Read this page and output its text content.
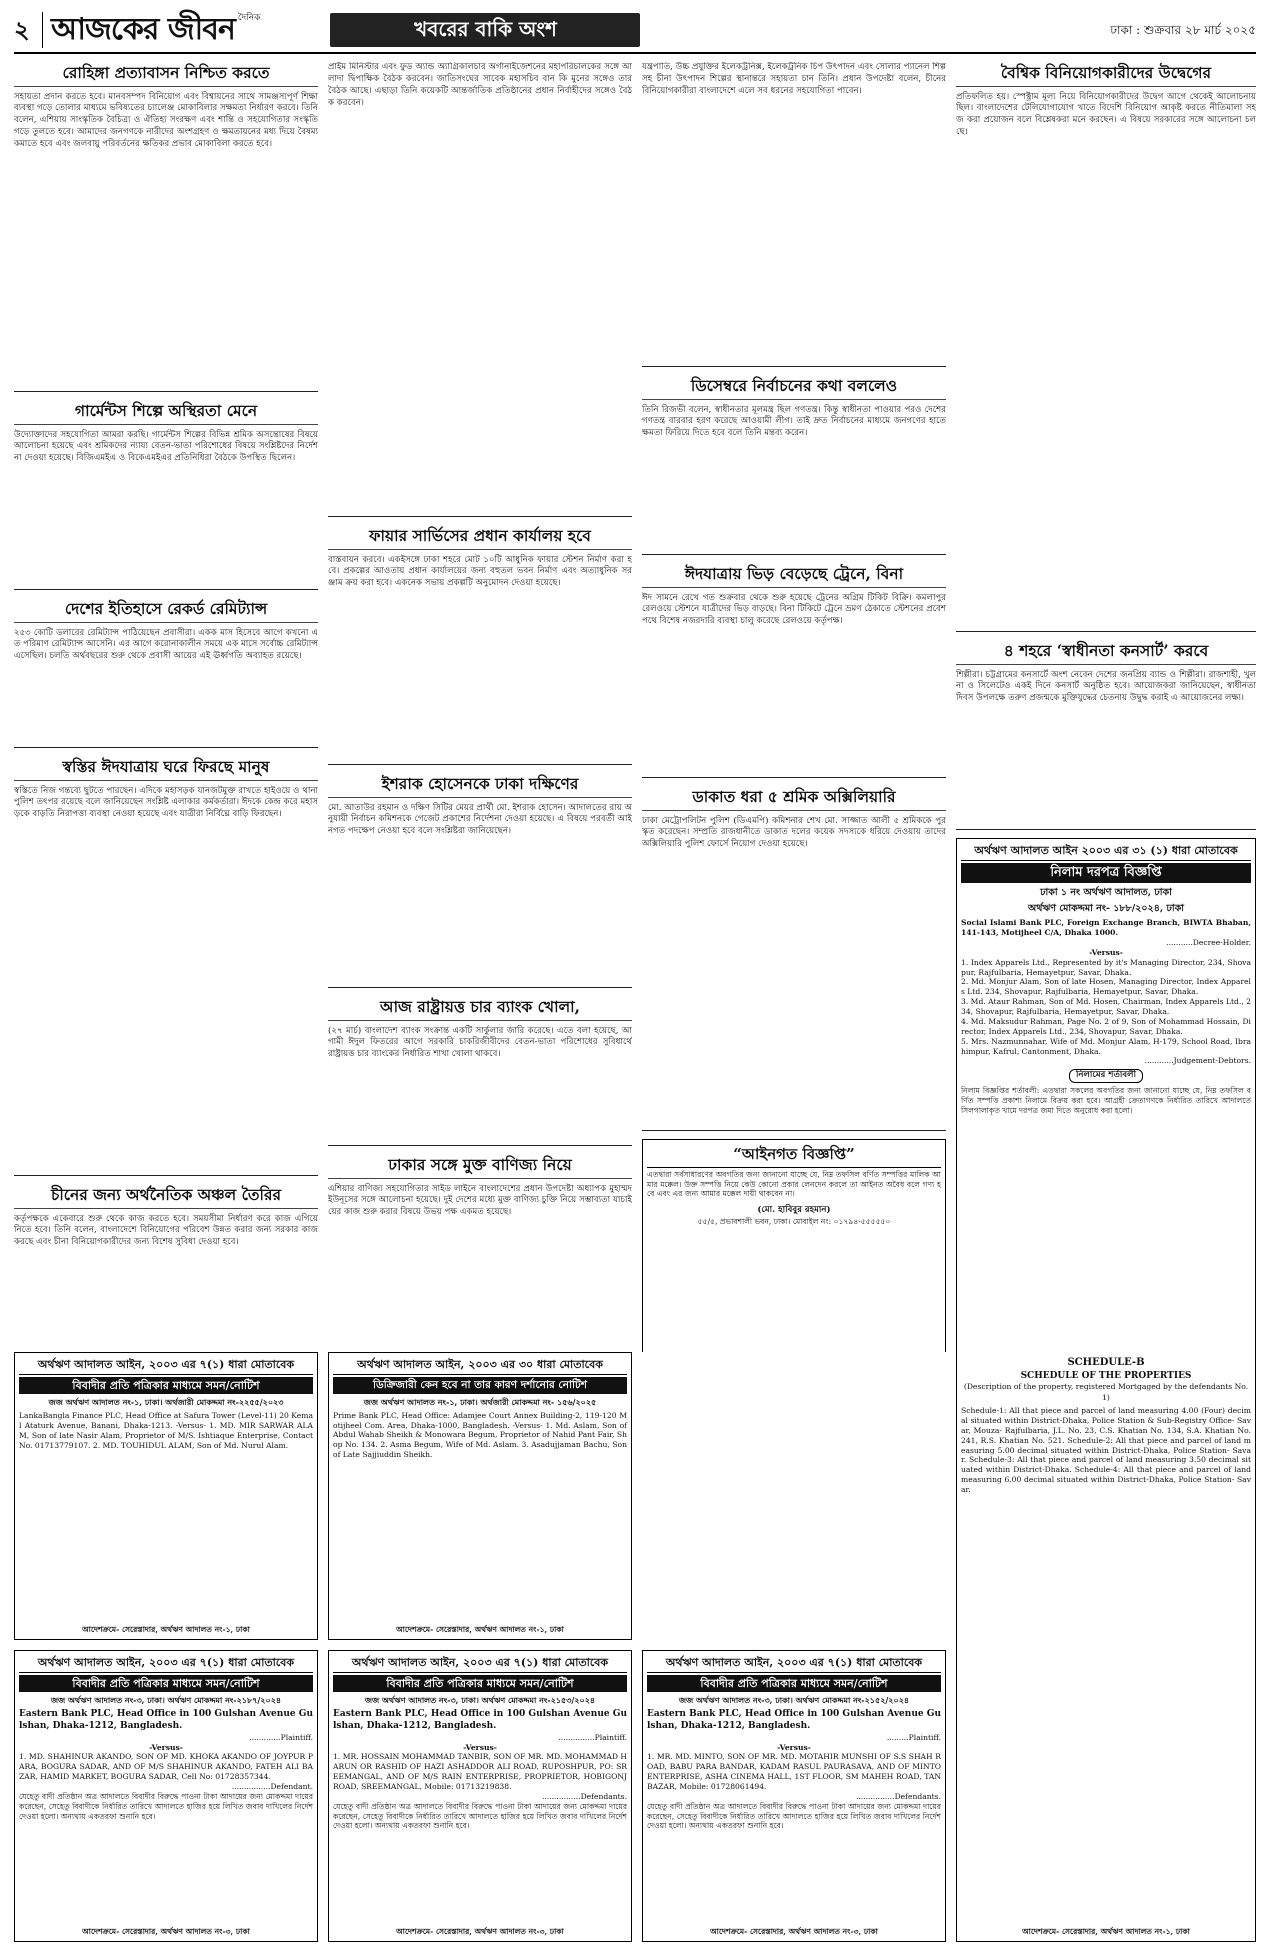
২ আজকের জীবন দৈনিক	খবরের বাকি অংশ	ঢাকা : শুক্রবার ২৮ মার্চ ২০২৫
রোহিঙ্গা প্রত্যাবাসন নিশ্চিত করতে

সহায়তা প্রদান করতে হবে। মানবসম্পদ বিনিয়োগ এবং বিশ্বায়নের সাথে সামঞ্জস্যপূর্ণ শিক্ষা ব্যবস্থা গড়ে তোলার মাধ্যমে ভবিষ্যতের চ্যালেঞ্জ মোকাবিলার সক্ষমতা নির্ধারণ করবে। তিনি বলেন, এশিয়ায় সাংস্কৃতিক বৈচিত্র্য ও ঐতিহ্য সংরক্ষণ এবং শান্তি ও সহযোগিতার সংস্কৃতি গড়ে তুলতে হবে। আমাদের জনগণকে নারীদের অংশগ্রহণ ও ক্ষমতায়নের মধ্য দিয়ে বৈষম্য কমাতে হবে এবং জলবায়ু পরিবর্তনের ক্ষতিকর প্রভাব মোকাবিলা করতে হবে।

গার্মেন্টস শিল্পে অস্থিরতা মেনে

উদ্যোক্তাদের সহযোগিতা আমরা করছি। গার্মেন্টস শিল্পের বিভিন্ন শ্রমিক অসন্তোষের বিষয়ে আলোচনা হয়েছে এবং শ্রমিকদের ন্যায্য বেতন-ভাতা পরিশোধের বিষয়ে সংশ্লিষ্টদের নির্দেশনা দেওয়া হয়েছে। বিজিএমইএ ও বিকেএমইএর প্রতিনিধিরা বৈঠকে উপস্থিত ছিলেন।

দেশের ইতিহাসে রেকর্ড রেমিট্যান্স

২৫৩ কোটি ডলারের রেমিট্যান্স পাঠিয়েছেন প্রবাসীরা। একক মাস হিসেবে আগে কখনো এত পরিমাণ রেমিট্যান্স আসেনি। এর আগে করোনাকালীন সময়ে এক মাসে সর্বোচ্চ রেমিট্যান্স এসেছিল। চলতি অর্থবছরের শুরু থেকে প্রবাসী আয়ের এই ঊর্ধ্বগতি অব্যাহত রয়েছে।

স্বস্তির ঈদযাত্রায় ঘরে ফিরছে মানুষ

স্বস্তিতে নিজ গন্তব্যে ছুটতে পারছেন। এদিকে মহাসড়ক যানজটমুক্ত রাখতে হাইওয়ে ও থানা পুলিশ তৎপর রয়েছে বলে জানিয়েছেন সংশ্লিষ্ট এলাকার কর্মকর্তারা। ঈদকে কেন্দ্র করে মহাসড়কে বাড়তি নিরাপত্তা ব্যবস্থা নেওয়া হয়েছে এবং যাত্রীরা নির্বিঘ্নে বাড়ি ফিরছেন।

চীনের জন্য অর্থনৈতিক অঞ্চল তৈরির

কর্তৃপক্ষকে একেবারে শুরু থেকে কাজ করতে হবে। সময়সীমা নির্ধারণ করে কাজ এগিয়ে নিতে হবে। তিনি বলেন, বাংলাদেশে বিনিয়োগের পরিবেশ উন্নত করার জন্য সরকার কাজ করছে এবং চীনা বিনিয়োগকারীদের জন্য বিশেষ সুবিধা দেওয়া হবে।

প্রাইম মিনিস্টার এবং ফুড অ্যান্ড অ্যাগ্রিকালচার অর্গানাইজেশনের মহাপরিচালকের সঙ্গে আলাদা দ্বিপাক্ষিক বৈঠক করবেন। জাতিসংঘের সাবেক মহাসচিব বান কি মুনের সঙ্গেও তার বৈঠক আছে। এছাড়া তিনি কয়েকটি আন্তর্জাতিক প্রতিষ্ঠানের প্রধান নির্বাহীদের সঙ্গেও বৈঠক করবেন।

ফায়ার সার্ভিসের প্রধান কার্যালয় হবে

বাস্তবায়ন করবে। একইসঙ্গে ঢাকা শহরে মোট ১০টি আধুনিক ফায়ার স্টেশন নির্মাণ করা হবে। প্রকল্পের আওতায় প্রধান কার্যালয়ের জন্য বহুতল ভবন নির্মাণ এবং অত্যাধুনিক সরঞ্জাম ক্রয় করা হবে। একনেক সভায় প্রকল্পটি অনুমোদন দেওয়া হয়েছে।

ইশরাক হোসেনকে ঢাকা দক্ষিণের

মো. আতাউর রহমান ও দক্ষিণ সিটির মেয়র প্রার্থী মো. ইশরাক হোসেন। আদালতের রায় অনুযায়ী নির্বাচন কমিশনকে গেজেট প্রকাশের নির্দেশনা দেওয়া হয়েছে। এ বিষয়ে পরবর্তী আইনগত পদক্ষেপ নেওয়া হবে বলে সংশ্লিষ্টরা জানিয়েছেন।

আজ রাষ্ট্রায়ত্ত চার ব্যাংক খোলা,

(২৭ মার্চ) বাংলাদেশ ব্যাংক সংক্রান্ত একটি সার্কুলার জারি করেছে। এতে বলা হয়েছে, আগামী ঈদুল ফিতরের আগে সরকারি চাকরিজীবীদের বেতন-ভাতা পরিশোধের সুবিধার্থে রাষ্ট্রায়ত্ত চার ব্যাংকের নির্ধারিত শাখা খোলা থাকবে।

ঢাকার সঙ্গে মুক্ত বাণিজ্য নিয়ে

এশিয়ার বাণিজ্য সহযোগিতার সাইড লাইনে বাংলাদেশের প্রধান উপদেষ্টা অধ্যাপক মুহাম্মদ ইউনূসের সঙ্গে আলোচনা হয়েছে। দুই দেশের মধ্যে মুক্ত বাণিজ্য চুক্তি নিয়ে সম্ভাব্যতা যাচাইয়ের কাজ শুরু করার বিষয়ে উভয় পক্ষ একমত হয়েছে।

যন্ত্রপাতি, উচ্চ প্রযুক্তির ইলেকট্রনিক্স, ইলেকট্রনিক চিপ উৎপাদন এবং সোলার প্যানেল শিল্পসহ চীনা উৎপাদন শিল্পের স্থানান্তরে সহায়তা চান তিনি। প্রধান উপদেষ্টা বলেন, চীনের বিনিয়োগকারীরা বাংলাদেশে এলে সব ধরনের সহযোগিতা পাবেন।

ডিসেম্বরে নির্বাচনের কথা বললেও

তিনি রিজভী বলেন, স্বাধীনতার মূলমন্ত্র ছিল গণতন্ত্র। কিন্তু স্বাধীনতা পাওয়ার পরও দেশের গণতন্ত্র বারবার হরণ করেছে আওয়ামী লীগ। তাই দ্রুত নির্বাচনের মাধ্যমে জনগণের হাতে ক্ষমতা ফিরিয়ে দিতে হবে বলে তিনি মন্তব্য করেন।

ঈদযাত্রায় ভিড় বেড়েছে ট্রেনে, বিনা

ঈদ সামনে রেখে গত শুক্রবার থেকে শুরু হয়েছে ট্রেনের অগ্রিম টিকিট বিক্রি। কমলাপুর রেলওয়ে স্টেশনে যাত্রীদের ভিড় বাড়ছে। বিনা টিকিটে ট্রেনে ভ্রমণ ঠেকাতে স্টেশনের প্রবেশপথে বিশেষ নজরদারি ব্যবস্থা চালু করেছে রেলওয়ে কর্তৃপক্ষ।

ডাকাত ধরা ৫ শ্রমিক অক্সিলিয়ারি

ঢাকা মেট্রোপলিটন পুলিশ (ডিএমপি) কমিশনার শেখ মো. সাজ্জাত আলী ৫ শ্রমিককে পুরস্কৃত করেছেন। সম্প্রতি রাজধানীতে ডাকাত দলের কয়েক সদস্যকে ধরিয়ে দেওয়ায় তাদের অক্সিলিয়ারি পুলিশ ফোর্সে নিয়োগ দেওয়া হয়েছে।

“আইনগত বিজ্ঞপ্তি”
এতদ্বারা সর্বসাধারণের অবগতির জন্য জানানো যাচ্ছে যে, নিম্ন তফসিল বর্ণিত সম্পত্তির মালিক আমার মক্কেল। উক্ত সম্পত্তি নিয়ে কেউ কোনো প্রকার লেনদেন করলে তা আইনত অবৈধ বলে গণ্য হবে এবং এর জন্য আমার মক্কেল দায়ী থাকবেন না।
(মো. হাবিবুর রহমান)
৫৫/৫, প্রভাবশালী ভবন, ঢাকা। মোবাইল নং: ০১৭৯৪-৫৫৫৫৫০
বৈশ্বিক বিনিয়োগকারীদের উদ্বেগের

প্রতিফলিত হয়। স্পেক্ট্রাম মূল্য নিয়ে বিনিয়োগকারীদের উদ্বেগ আগে থেকেই আলোচনায় ছিল। বাংলাদেশের টেলিযোগাযোগ খাতে বিদেশি বিনিয়োগ আকৃষ্ট করতে নীতিমালা সহজ করা প্রয়োজন বলে বিশ্লেষকরা মনে করছেন। এ বিষয়ে সরকারের সঙ্গে আলোচনা চলছে।

৪ শহরে ‘স্বাধীনতা কনসার্ট’ করবে

শিল্পীরা। চট্টগ্রামের কনসার্টে অংশ নেবেন দেশের জনপ্রিয় ব্যান্ড ও শিল্পীরা। রাজশাহী, খুলনা ও সিলেটেও একই দিনে কনসার্ট অনুষ্ঠিত হবে। আয়োজকরা জানিয়েছেন, স্বাধীনতা দিবস উপলক্ষে তরুণ প্রজন্মকে মুক্তিযুদ্ধের চেতনায় উদ্বুদ্ধ করাই এ আয়োজনের লক্ষ্য।

অর্থঋণ আদালত আইন ২০০৩ এর ৩১ (১) ধারা মোতাবেক
নিলাম দরপত্র বিজ্ঞপ্তি
ঢাকা ১ নং অর্থঋণ আদালত, ঢাকা
অর্থঋণ মোকদ্দমা নং- ১৮৮/২০২৪, ঢাকা
Social Islami Bank PLC, Foreign Exchange Branch, BIWTA Bhaban, 141-143, Motijheel C/A, Dhaka 1000.
...........Decree-Holder.
-Versus-
1. Index Apparels Ltd., Represented by it's Managing Director, 234, Shovapur, Rajfulbaria, Hemayetpur, Savar, Dhaka.
2. Md. Monjur Alam, Son of late Hosen, Managing Director, Index Apparels Ltd. 234, Shovapur, Rajfulbaria, Hemayetpur, Savar, Dhaka.
3. Md. Ataur Rahman, Son of Md. Hosen, Chairman, Index Apparels Ltd., 234, Shovapur, Rajfulbaria, Hemayetpur, Savar, Dhaka.
4. Md. Maksudur Rahman, Page No. 2 of 9, Son of Mohammad Hossain, Director, Index Apparels Ltd., 234, Shovapur, Savar, Dhaka.
5. Mrs. Nazmunnahar, Wife of Md. Monjur Alam, H-179, School Road, Ibrahimpur, Kafrul, Cantonment, Dhaka.
............Judgement-Debtors.
নিলামের শর্তাবলী
নিলাম বিজ্ঞপ্তির শর্তাবলী: এতদ্বারা সকলের অবগতির জন্য জানানো যাচ্ছে যে, নিম্ন তফসিল বর্ণিত সম্পত্তি প্রকাশ্য নিলামে বিক্রয় করা হবে। আগ্রহী ক্রেতাগণকে নির্ধারিত তারিখে আদালতে সিলগালাকৃত খামে দরপত্র জমা দিতে অনুরোধ করা হলো।
অর্থঋণ আদালত আইন, ২০০৩ এর ৭(১) ধারা মোতাবেক
বিবাদীর প্রতি পত্রিকার মাধ্যমে সমন/নোটিশ
জজ অর্থঋণ আদালত নং-১, ঢাকা। অর্থজারী মোকদ্দমা নং-২২৫৫/২০২৩
LankaBangla Finance PLC, Head Office at Safura Tower (Level-11) 20 Kemal Ataturk Avenue, Banani, Dhaka-1213. -Versus- 1. MD. MIR SARWAR ALAM, Son of late Nasir Alam, Proprietor of M/S. Ishtiaque Enterprise, Contact No. 01713779107. 2. MD. TOUHIDUL ALAM, Son of Md. Nurul Alam.
আদেশক্রমে- সেরেস্তাদার, অর্থঋণ আদালত নং-১, ঢাকা
অর্থঋণ আদালত আইন, ২০০৩ এর ৩০ ধারা মোতাবেক
ডিক্রিজারী কেন হবে না তার কারণ দর্শানোর নোটিশ
জজ অর্থঋণ আদালত নং-১, ঢাকা। অর্থজারী মোকদ্দমা নং- ১৫৬/২০২৫
Prime Bank PLC, Head Office: Adamjee Court Annex Building-2, 119-120 Motijheel Com. Area, Dhaka-1000, Bangladesh. -Versus- 1. Md. Aslam, Son of Abdul Wahab Sheikh & Monowara Begum, Proprietor of Nahid Pant Fair, Shop No. 134. 2. Asma Begum, Wife of Md. Aslam. 3. Asadujjaman Bachu, Son of Late Sajjiuddin Sheikh.
আদেশক্রমে- সেরেস্তাদার, অর্থঋণ আদালত নং-১, ঢাকা
অর্থঋণ আদালত আইন, ২০০৩ এর ৭(১) ধারা মোতাবেক
বিবাদীর প্রতি পত্রিকার মাধ্যমে সমন/নোটিশ
জজ অর্থঋণ আদালত নং-৩, ঢাকা। অর্থঋণ মোকদ্দমা নং-২১৮৭/২০২৪
Eastern Bank PLC, Head Office in 100 Gulshan Avenue Gulshan, Dhaka-1212, Bangladesh.
.............Plaintiff.
-Versus-
1. MD. SHAHINUR AKANDO, SON OF MD. KHOKA AKANDO OF JOYPUR PARA, BOGURA SADAR, AND OF M/S SHAHINUR AKANDO, FATEH ALI BAZAR, HAMID MARKET, BOGURA SADAR, Cell No: 01728357344.
................Defendant.
যেহেতু বাদী প্রতিষ্ঠান অত্র আদালতে বিবাদীর বিরুদ্ধে পাওনা টাকা আদায়ের জন্য মোকদ্দমা দায়ের করেছেন, সেহেতু বিবাদীকে নির্ধারিত তারিখে আদালতে হাজির হয়ে লিখিত জবাব দাখিলের নির্দেশ দেওয়া হলো। অন্যথায় একতরফা শুনানি হবে।
আদেশক্রমে- সেরেস্তাদার, অর্থঋণ আদালত নং-৩, ঢাকা
অর্থঋণ আদালত আইন, ২০০৩ এর ৭(১) ধারা মোতাবেক
বিবাদীর প্রতি পত্রিকার মাধ্যমে সমন/নোটিশ
জজ অর্থঋণ আদালত নং-৩, ঢাকা। অর্থঋণ মোকদ্দমা নং-২১৫৩/২০২৪
Eastern Bank PLC, Head Office in 100 Gulshan Avenue Gulshan, Dhaka-1212, Bangladesh.
...............Plaintiff.
-Versus-
1. MR. HOSSAIN MOHAMMAD TANBIR, SON OF MR. MD. MOHAMMAD HARUN OR RASHID OF HAZI ASHADDOR ALI ROAD, RUPOSHPUR, PO: SREEMANGAL, AND OF M/S RAIN ENTERPRISE, PROPRIETOR, HOBIGONJ ROAD, SREEMANGAL, Mobile: 01713219838.
................Defendants.
যেহেতু বাদী প্রতিষ্ঠান অত্র আদালতে বিবাদীর বিরুদ্ধে পাওনা টাকা আদায়ের জন্য মোকদ্দমা দায়ের করেছেন, সেহেতু বিবাদীকে নির্ধারিত তারিখে আদালতে হাজির হয়ে লিখিত জবাব দাখিলের নির্দেশ দেওয়া হলো। অন্যথায় একতরফা শুনানি হবে।
আদেশক্রমে- সেরেস্তাদার, অর্থঋণ আদালত নং-৩, ঢাকা
অর্থঋণ আদালত আইন, ২০০৩ এর ৭(১) ধারা মোতাবেক
বিবাদীর প্রতি পত্রিকার মাধ্যমে সমন/নোটিশ
জজ অর্থঋণ আদালত নং-৩, ঢাকা। অর্থঋণ মোকদ্দমা নং-২১৫২/২০২৪
Eastern Bank PLC, Head Office in 100 Gulshan Avenue Gulshan, Dhaka-1212, Bangladesh.
.........Plaintiff.
-Versus-
1. MR. MD. MINTO, SON OF MR. MD. MOTAHIR MUNSHI OF S.S SHAH ROAD, BABU PARA BANDAR, KADAM RASUL PAURASAVA, AND OF MINTO ENTERPRISE, ASHA CINEMA HALL, 1ST FLOOR, SM MAHEH ROAD, TANBAZAR, Mobile: 01728061494.
................Defendants.
যেহেতু বাদী প্রতিষ্ঠান অত্র আদালতে বিবাদীর বিরুদ্ধে পাওনা টাকা আদায়ের জন্য মোকদ্দমা দায়ের করেছেন, সেহেতু বিবাদীকে নির্ধারিত তারিখে আদালতে হাজির হয়ে লিখিত জবাব দাখিলের নির্দেশ দেওয়া হলো। অন্যথায় একতরফা শুনানি হবে।
আদেশক্রমে- সেরেস্তাদার, অর্থঋণ আদালত নং-৩, ঢাকা
SCHEDULE-B
SCHEDULE OF THE PROPERTIES
(Description of the property, registered Mortgaged by the defendants No. 1)
Schedule-1: All that piece and parcel of land measuring 4.00 (Four) decimal situated within District-Dhaka, Police Station & Sub-Registry Office- Savar, Mouza- Rajfulbaria, J.L. No. 23, C.S. Khatian No. 134, S.A. Khatian No. 241, R.S. Khatian No. 521. Schedule-2: All that piece and parcel of land measuring 5.00 decimal situated within District-Dhaka, Police Station- Savar. Schedule-3: All that piece and parcel of land measuring 3.50 decimal situated within District-Dhaka. Schedule-4: All that piece and parcel of land measuring 6.00 decimal situated within District-Dhaka, Police Station- Savar.
আদেশক্রমে- সেরেস্তাদার, অর্থঋণ আদালত নং-১, ঢাকা
